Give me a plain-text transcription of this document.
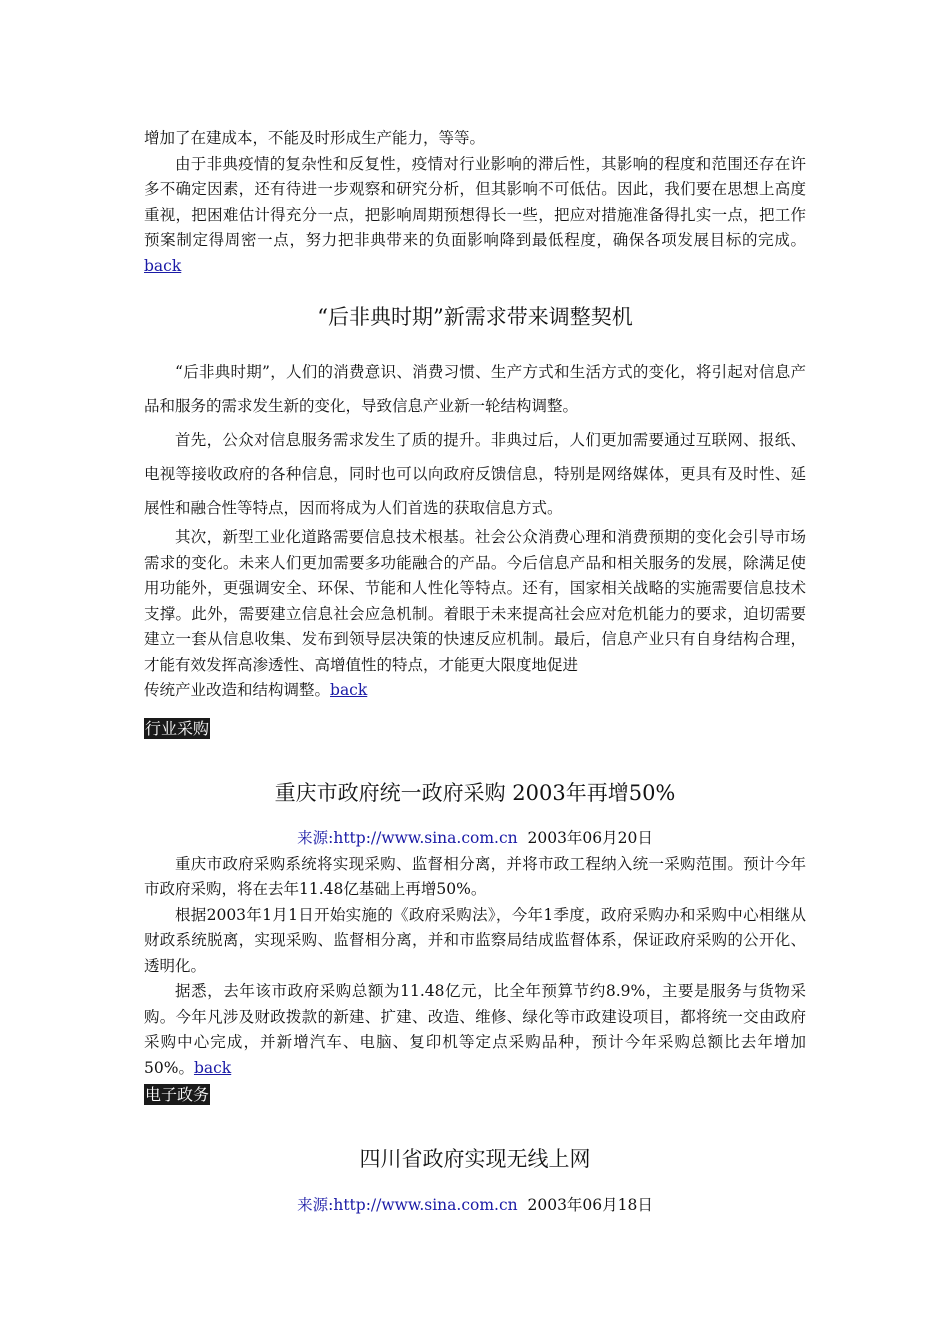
增加了在建成本，不能及时形成生产能力，等等。

由于非典疫情的复杂性和反复性，疫情对行业影响的滞后性，其影响的程度和范围还存在许多不确定因素，还有待进一步观察和研究分析，但其影响不可低估。因此，我们要在思想上高度重视，把困难估计得充分一点，把影响周期预想得长一些，把应对措施准备得扎实一点，把工作预案制定得周密一点，努力把非典带来的负面影响降到最低程度，确保各项发展目标的完成。back

“后非典时期”新需求带来调整契机

“后非典时期”，人们的消费意识、消费习惯、生产方式和生活方式的变化，将引起对信息产品和服务的需求发生新的变化，导致信息产业新一轮结构调整。

首先，公众对信息服务需求发生了质的提升。非典过后，人们更加需要通过互联网、报纸、电视等接收政府的各种信息，同时也可以向政府反馈信息，特别是网络媒体，更具有及时性、延展性和融合性等特点，因而将成为人们首选的获取信息方式。

其次，新型工业化道路需要信息技术根基。社会公众消费心理和消费预期的变化会引导市场需求的变化。未来人们更加需要多功能融合的产品。今后信息产品和相关服务的发展，除满足使用功能外，更强调安全、环保、节能和人性化等特点。还有，国家相关战略的实施需要信息技术支撑。此外，需要建立信息社会应急机制。着眼于未来提高社会应对危机能力的要求，迫切需要建立一套从信息收集、发布到领导层决策的快速反应机制。最后，信息产业只有自身结构合理，才能有效发挥高渗透性、高增值性的特点，才能更大限度地促进

传统产业改造和结构调整。back

行业采购
重庆市政府统一政府采购 2003年再增50%
来源:http://www.sina.com.cn 2003年06月20日

重庆市政府采购系统将实现采购、监督相分离，并将市政工程纳入统一采购范围。预计今年市政府采购，将在去年11.48亿基础上再增50%。

根据2003年1月1日开始实施的《政府采购法》，今年1季度，政府采购办和采购中心相继从财政系统脱离，实现采购、监督相分离，并和市监察局结成监督体系，保证政府采购的公开化、透明化。

据悉，去年该市政府采购总额为11.48亿元，比全年预算节约8.9%，主要是服务与货物采购。今年凡涉及财政拨款的新建、扩建、改造、维修、绿化等市政建设项目，都将统一交由政府采购中心完成，并新增汽车、电脑、复印机等定点采购品种，预计今年采购总额比去年增加50%。back

电子政务
四川省政府实现无线上网
来源:http://www.sina.com.cn 2003年06月18日
